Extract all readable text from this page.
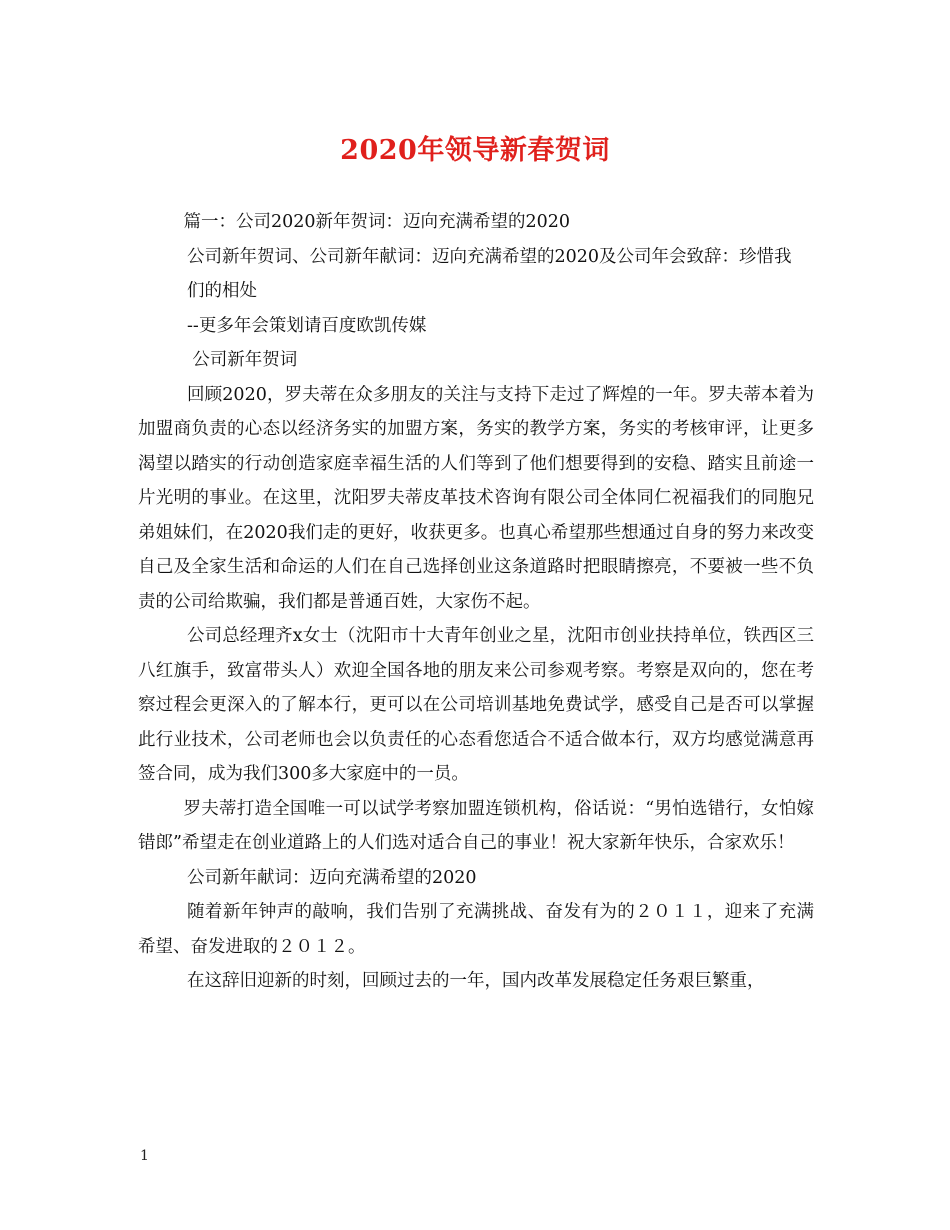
2020年领导新春贺词

篇一：公司2020新年贺词：迈向充满希望的2020

公司新年贺词、公司新年献词：迈向充满希望的2020及公司年会致辞：珍惜我

们的相处

--更多年会策划请百度欧凯传媒

公司新年贺词

回顾2020，罗夫蒂在众多朋友的关注与支持下走过了辉煌的一年。罗夫蒂本着为加盟商负责的心态以经济务实的加盟方案，务实的教学方案，务实的考核审评，让更多渴望以踏实的行动创造家庭幸福生活的人们等到了他们想要得到的安稳、踏实且前途一片光明的事业。在这里，沈阳罗夫蒂皮革技术咨询有限公司全体同仁祝福我们的同胞兄弟姐妹们，在2020我们走的更好，收获更多。也真心希望那些想通过自身的努力来改变自己及全家生活和命运的人们在自己选择创业这条道路时把眼睛擦亮，不要被一些不负责的公司给欺骗，我们都是普通百姓，大家伤不起。

公司总经理齐x女士（沈阳市十大青年创业之星，沈阳市创业扶持单位，铁西区三八红旗手，致富带头人）欢迎全国各地的朋友来公司参观考察。考察是双向的，您在考察过程会更深入的了解本行，更可以在公司培训基地免费试学，感受自己是否可以掌握此行业技术，公司老师也会以负责任的心态看您适合不适合做本行，双方均感觉满意再签合同，成为我们300多大家庭中的一员。

罗夫蒂打造全国唯一可以试学考察加盟连锁机构，俗话说：“男怕选错行，女怕嫁错郎”希望走在创业道路上的人们选对适合自己的事业！祝大家新年快乐，合家欢乐！

公司新年献词：迈向充满希望的2020

随着新年钟声的敲响，我们告别了充满挑战、奋发有为的２０１１，迎来了充满希望、奋发进取的２０１２。

在这辞旧迎新的时刻，回顾过去的一年，国内改革发展稳定任务艰巨繁重，

1
